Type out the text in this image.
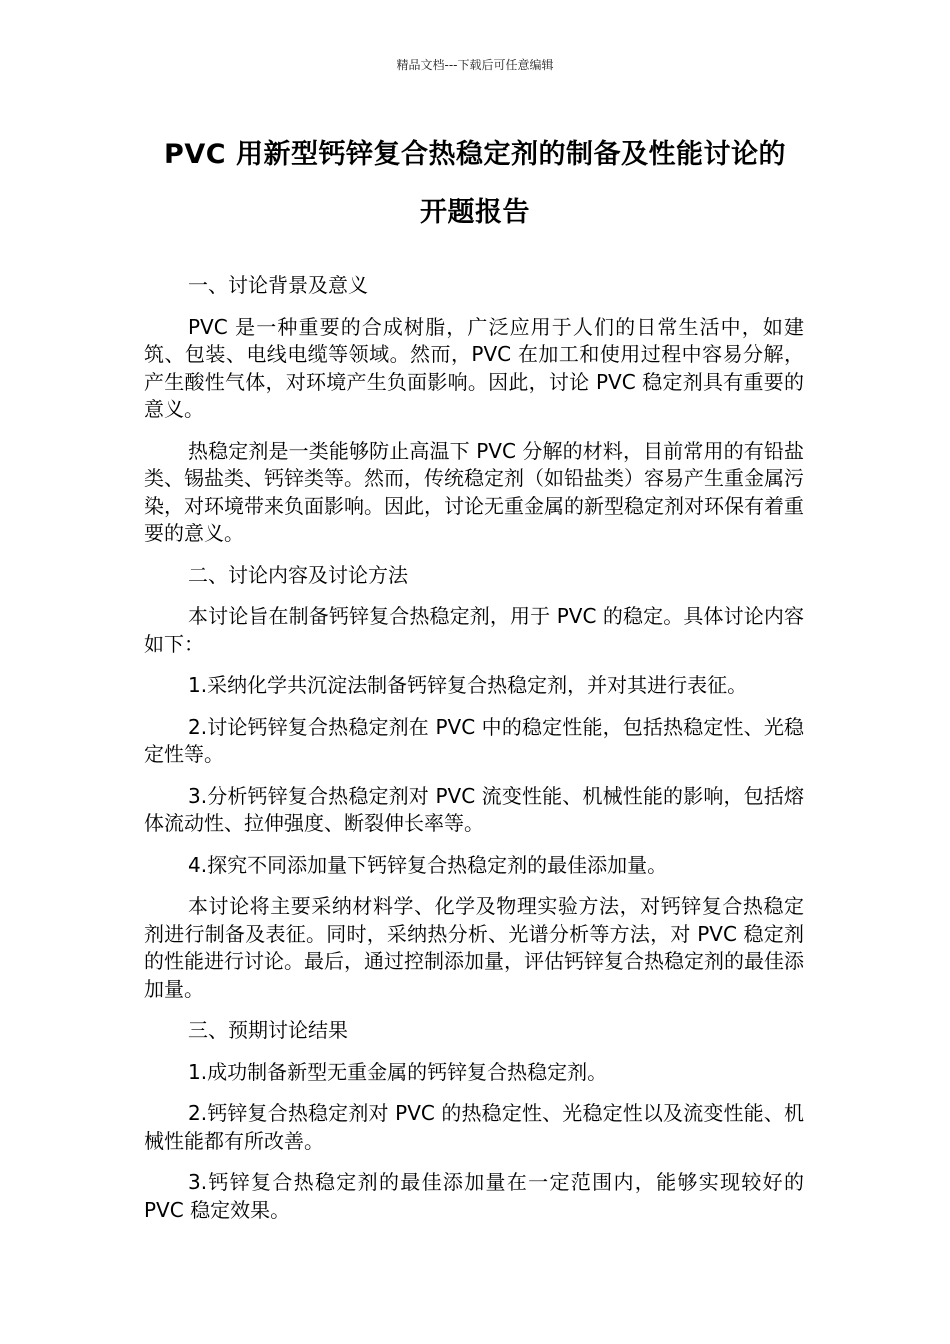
精品文档---下载后可任意编辑
PVC 用新型钙锌复合热稳定剂的制备及性能讨论的
开题报告

一、讨论背景及意义

PVC 是一种重要的合成树脂，广泛应用于人们的日常生活中，如建筑、包装、电线电缆等领域。然而，PVC 在加工和使用过程中容易分解，产生酸性气体，对环境产生负面影响。因此，讨论 PVC 稳定剂具有重要的意义。

热稳定剂是一类能够防止高温下 PVC 分解的材料，目前常用的有铅盐类、锡盐类、钙锌类等。然而，传统稳定剂（如铅盐类）容易产生重金属污染，对环境带来负面影响。因此，讨论无重金属的新型稳定剂对环保有着重要的意义。

二、讨论内容及讨论方法

本讨论旨在制备钙锌复合热稳定剂，用于 PVC 的稳定。具体讨论内容如下：

1.采纳化学共沉淀法制备钙锌复合热稳定剂，并对其进行表征。

2.讨论钙锌复合热稳定剂在 PVC 中的稳定性能，包括热稳定性、光稳定性等。

3.分析钙锌复合热稳定剂对 PVC 流变性能、机械性能的影响，包括熔体流动性、拉伸强度、断裂伸长率等。

4.探究不同添加量下钙锌复合热稳定剂的最佳添加量。

本讨论将主要采纳材料学、化学及物理实验方法，对钙锌复合热稳定剂进行制备及表征。同时，采纳热分析、光谱分析等方法，对 PVC 稳定剂的性能进行讨论。最后，通过控制添加量，评估钙锌复合热稳定剂的最佳添加量。

三、预期讨论结果

1.成功制备新型无重金属的钙锌复合热稳定剂。

2.钙锌复合热稳定剂对 PVC 的热稳定性、光稳定性以及流变性能、机械性能都有所改善。

3.钙锌复合热稳定剂的最佳添加量在一定范围内，能够实现较好的 PVC 稳定效果。
